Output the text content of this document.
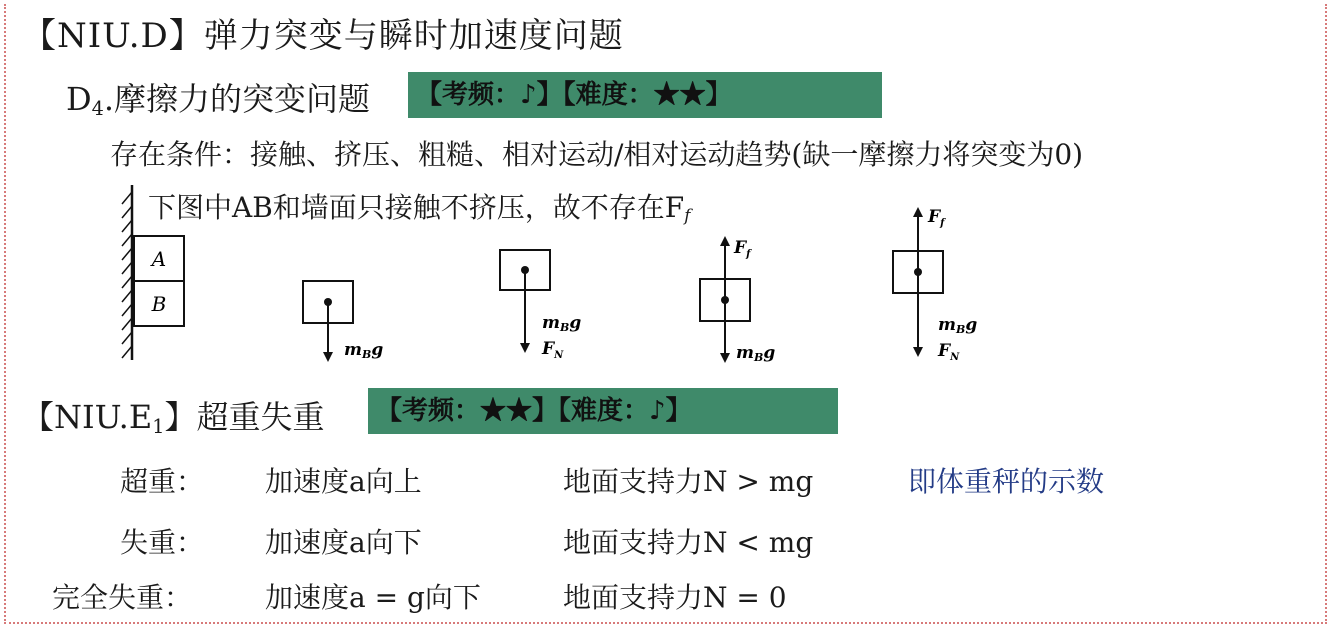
【NIU.D】弹力突变与瞬时加速度问题
$D_4$.摩擦力的突变问题	【考频：♪】【难度：★★】
存在条件：接触、挤压、粗糙、相对运动/相对运动趋势(缺一摩擦力将突变为0)
下图中AB和墙面只接触不挤压，故不存在$F_f$
A
B
mBg
mBg
$F_N$
$F_f$
mBg
$F_f$
mBg
$F_N$
【$NIU.E_1$】超重失重	【考频：★★】【难度：♪】
超重： 加速度a向上	地面支持力N > mg	即体重秤的示数
失重： 加速度a向下	地面支持力N < mg
完全失重：	加速度a = g向下	地面支持力N = 0
